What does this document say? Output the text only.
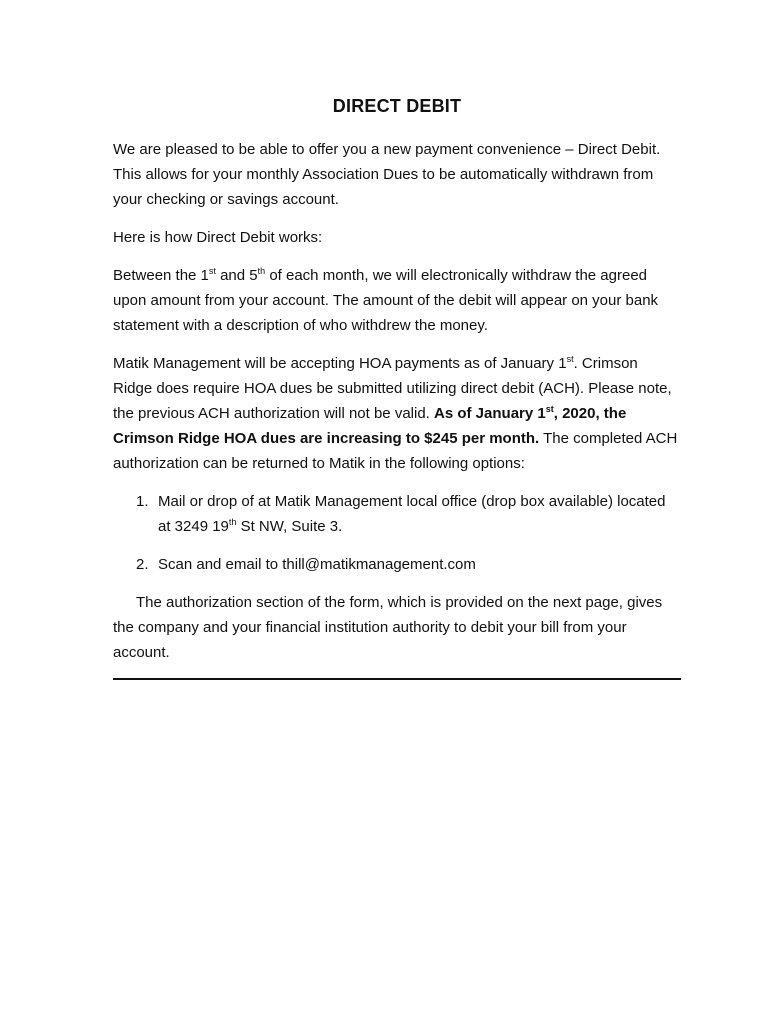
DIRECT DEBIT

We are pleased to be able to offer you a new payment convenience – Direct Debit. This allows for your monthly Association Dues to be automatically withdrawn from your checking or savings account.

Here is how Direct Debit works:

Between the 1st and 5th of each month, we will electronically withdraw the agreed upon amount from your account. The amount of the debit will appear on your bank statement with a description of who withdrew the money.

Matik Management will be accepting HOA payments as of January 1st. Crimson Ridge does require HOA dues be submitted utilizing direct debit (ACH). Please note, the previous ACH authorization will not be valid. As of January 1st, 2020, the Crimson Ridge HOA dues are increasing to $245 per month. The completed ACH authorization can be returned to Matik in the following options:

1. Mail or drop of at Matik Management local office (drop box available) located at 3249 19th St NW, Suite 3.
2. Scan and email to thill@matikmanagement.com

The authorization section of the form, which is provided on the next page, gives the company and your financial institution authority to debit your bill from your account.
